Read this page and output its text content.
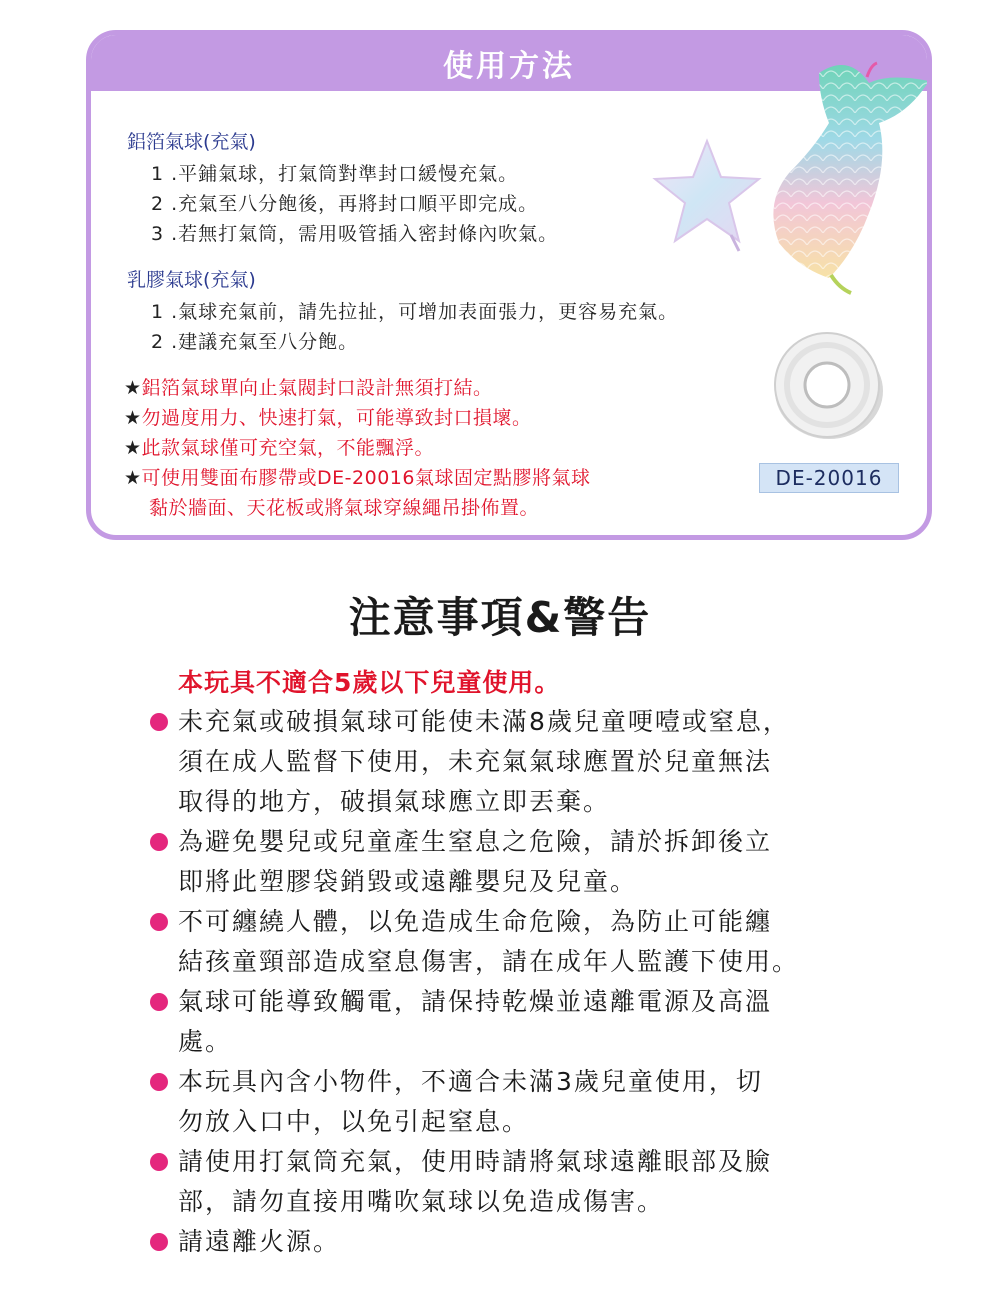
使用方法
鋁箔氣球(充氣)
1 .平鋪氣球，打氣筒對準封口緩慢充氣。
2 .充氣至八分飽後，再將封口順平即完成。
3 .若無打氣筒，需用吸管插入密封條內吹氣。
乳膠氣球(充氣)
1 .氣球充氣前，請先拉扯，可增加表面張力，更容易充氣。
2 .建議充氣至八分飽。
★鋁箔氣球單向止氣閥封口設計無須打結。
★勿過度用力、快速打氣，可能導致封口損壞。
★此款氣球僅可充空氣，不能飄浮。
★可使用雙面布膠帶或DE-20016氣球固定點膠將氣球
黏於牆面、天花板或將氣球穿線繩吊掛佈置。
DE-20016
注意事項&警告
本玩具不適合5歲以下兒童使用。
未充氣或破損氣球可能使未滿8歲兒童哽噎或窒息，
須在成人監督下使用，未充氣氣球應置於兒童無法
取得的地方，破損氣球應立即丟棄。
為避免嬰兒或兒童產生窒息之危險，請於拆卸後立
即將此塑膠袋銷毀或遠離嬰兒及兒童。
不可纏繞人體，以免造成生命危險，為防止可能纏
結孩童頸部造成窒息傷害，請在成年人監護下使用。
氣球可能導致觸電，請保持乾燥並遠離電源及高溫
處。
本玩具內含小物件，不適合未滿3歲兒童使用，切
勿放入口中，以免引起窒息。
請使用打氣筒充氣，使用時請將氣球遠離眼部及臉
部，請勿直接用嘴吹氣球以免造成傷害。
請遠離火源。
